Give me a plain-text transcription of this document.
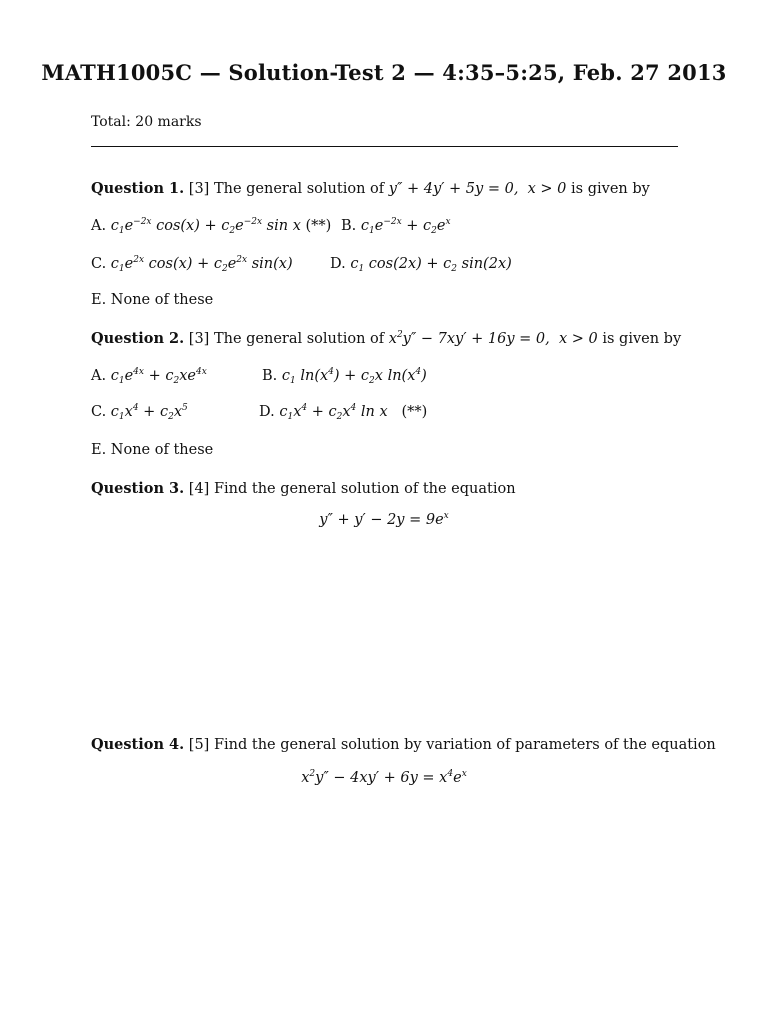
MATH1005C — Solution-Test 2 — 4:35–5:25, Feb. 27 2013
Total: 20 marks
Question 1. [3] The general solution of y″ + 4y′ + 5y = 0,  x > 0 is given by
A. $c_1e^{-2x}$ $\cos(x) + c_2e^{-2x}$ sin x (**) B. $c_1e^{-2x} + c_2e^x$
C. $c_1e^{2x}$ $\cos(x) + c_2e^{2x}$ sin(x)	D. $c_1$ $\cos(2x) + c_2$ sin(2x)
E. None of these
Question 2. [3] The general solution of $x^2y'' - 7xy' + 16y = 0$,  x > 0 is given by
A. $c_1e^{4x} + c_2xe^{4x}$	B. $c_1$ $\ln(x^4) + c_2x$ $\ln(x^4)$
C. $c_1x^4 + c_2x^5$	D. $c_1x^4 + c_2x^4$ ln x (**)
E. None of these
Question 3. [4] Find the general solution of the equation
$y'' + y' - 2y = 9e^x$
Question 4. [5] Find the general solution by variation of parameters of the equation
$x^2y'' - 4xy' + 6y = x^4e^x$
